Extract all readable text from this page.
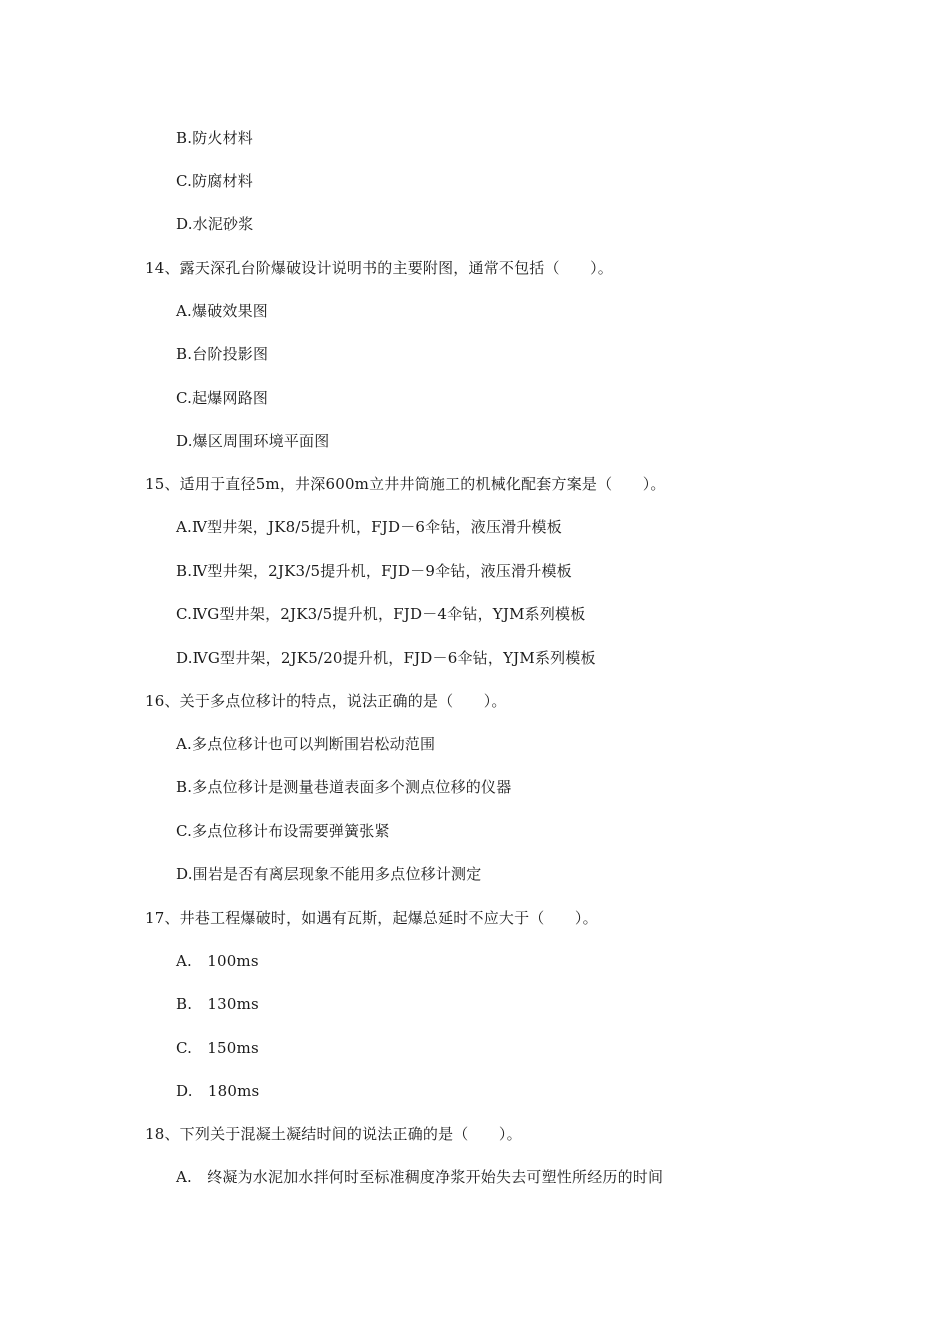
B.防火材料
C.防腐材料
D.水泥砂浆
14、露天深孔台阶爆破设计说明书的主要附图，通常不包括（　　）。
A.爆破效果图
B.台阶投影图
C.起爆网路图
D.爆区周围环境平面图
15、适用于直径5m，井深600m立井井筒施工的机械化配套方案是（　　）。
A.Ⅳ型井架，JK8/5提升机，FJD－6伞钻，液压滑升模板
B.Ⅳ型井架，2JK3/5提升机，FJD－9伞钻，液压滑升模板
C.ⅣG型井架，2JK3/5提升机，FJD－4伞钻，YJM系列模板
D.ⅣG型井架，2JK5/20提升机，FJD－6伞钻，YJM系列模板
16、关于多点位移计的特点，说法正确的是（　　）。
A.多点位移计也可以判断围岩松动范围
B.多点位移计是测量巷道表面多个测点位移的仪器
C.多点位移计布设需要弹簧张紧
D.围岩是否有离层现象不能用多点位移计测定
17、井巷工程爆破时，如遇有瓦斯，起爆总延时不应大于（　　）。
A.　100ms
B.　130ms
C.　150ms
D.　180ms
18、下列关于混凝土凝结时间的说法正确的是（　　）。
A.　终凝为水泥加水拌何时至标准稠度净浆开始失去可塑性所经历的时间
